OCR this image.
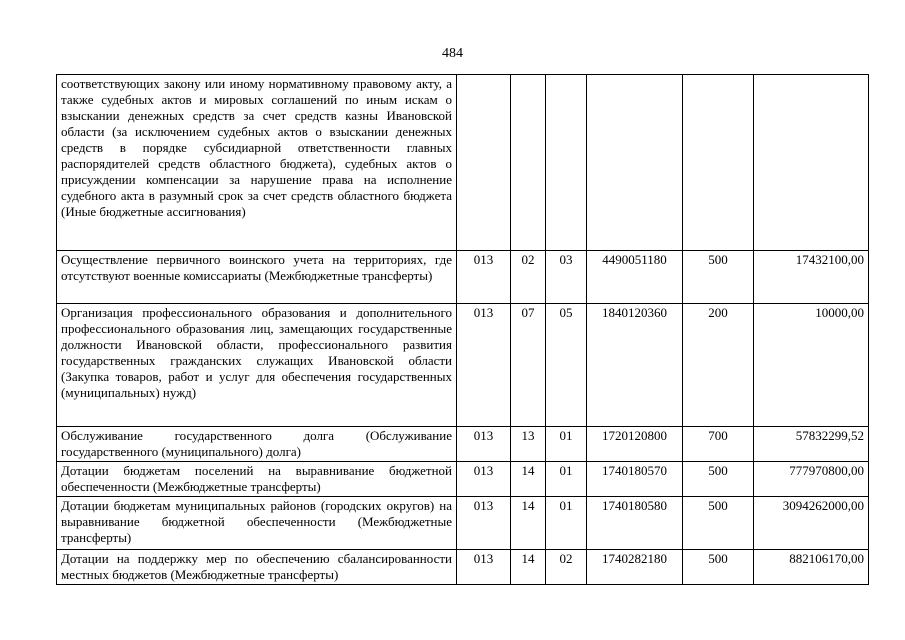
484
соответствующих закону или иному нормативному правовому акту, а также судебных актов и мировых соглашений по иным искам о взыскании денежных средств за счет средств казны Ивановской области (за исключением судебных актов о взыскании денежных средств в порядке субсидиарной ответственности главных распорядителей средств областного бюджета), судебных актов о присуждении компенсации за нарушение права на исполнение судебного акта в разумный срок за счет средств областного бюджета (Иные бюджетные ассигнования)						
Осуществление первичного воинского учета на территориях, где отсутствуют военные комиссариаты (Межбюджетные трансферты)	013	02	03	4490051180	500	17432100,00
Организация профессионального образования и дополнительного профессионального образования лиц, замещающих государственные должности Ивановской области, профессионального развития государственных гражданских служащих Ивановской области (Закупка товаров, работ и услуг для обеспечения государственных (муниципальных) нужд)	013	07	05	1840120360	200	10000,00
Обслуживание государственного долга (Обслуживание государственного (муниципального) долга)	013	13	01	1720120800	700	57832299,52
Дотации бюджетам поселений на выравнивание бюджетной обеспеченности (Межбюджетные трансферты)	013	14	01	1740180570	500	777970800,00
Дотации бюджетам муниципальных районов (городских округов) на выравнивание бюджетной обеспеченности (Межбюджетные трансферты)	013	14	01	1740180580	500	3094262000,00
Дотации на поддержку мер по обеспечению сбалансированности местных бюджетов (Межбюджетные трансферты)	013	14	02	1740282180	500	882106170,00
